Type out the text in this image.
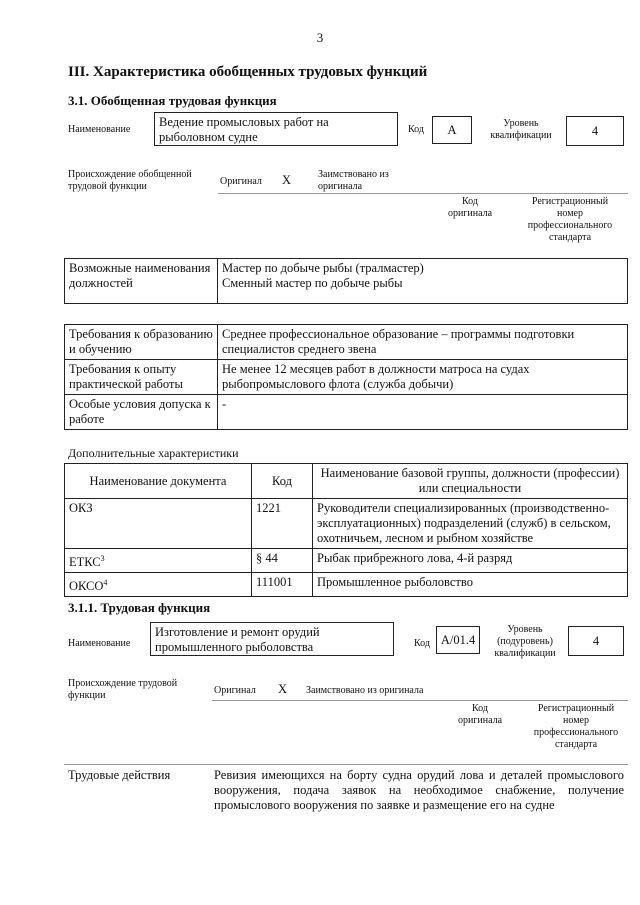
3
III. Характеристика обобщенных трудовых функций
3.1. Обобщенная трудовая функция
Наименование
Ведение промысловых работ на рыболовном судне
Код	А	Уровень квалификации	4
Происхождение обобщенной трудовой функции	Оригинал X	Заимствовано из оригинала
Код оригинала
Регистрационный номер профессионального стандарта
Возможные наименования должностей	
Мастер по добыче рыбы (тралмастер)
Сменный мастер по добыче рыбы
Требования к образованию и обучению	Среднее профессиональное образование – программы подготовки специалистов среднего звена
Требования к опыту практической работы	Не менее 12 месяцев работ в должности матроса на судах рыбопромыслового флота (служба добычи)
Особые условия допуска к работе	-
Дополнительные характеристики
Наименование документа	Код	Наименование базовой группы, должности (профессии) или специальности
ОКЗ	1221	Руководители специализированных (производственно-эксплуатационных) подразделений (служб) в сельском, охотничьем, лесном и рыбном хозяйстве
ЕТКС$^3$	§ 44	Рыбак прибрежного лова, 4-й разряд
ОКСО$^4$	111001	Промышленное рыболовство
3.1.1. Трудовая функция
Наименование
Изготовление и ремонт орудий промышленного рыболовства	Код A/01.4
Уровень (подуровень) квалификации
4
Происхождение трудовой функции	Оригинал X Заимствовано из оригинала
Код оригинала
Регистрационный номер профессионального стандарта
Трудовые действия	Ревизия имеющихся на борту судна орудий лова и деталей промыслового вооружения, подача заявок на необходимое снабжение, получение промыслового вооружения по заявке и размещение его на судне
